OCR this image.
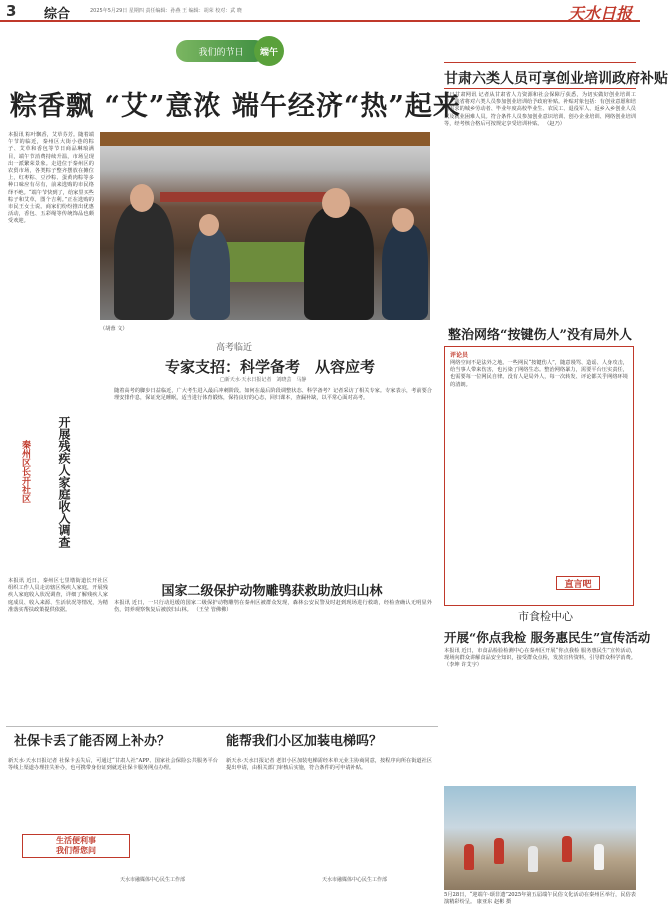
3 综合	2025年5月29日 星期四 责任编辑：孙燕 王 编辑：胡荣 校对：武 晓	天水日报
我们的节日	端午
粽香飘 “艾”意浓 端午经济“热”起来
本报讯 粽叶飘香，艾草芬芳。随着端午节的临近，秦州区大街小巷的粽子、艾草和香包等节日商品琳琅满目，端午节消费持续升温，市场呈现出一派繁荣景象。走进位于秦州区的农贸市场，各类粽子整齐摆放在摊位上，红枣粽、豆沙粽、蛋黄肉粽等多种口味应有尽有，前来选购的市民络绎不绝。“端午节快到了，给家里买些粽子和艾草，图个吉利。”正在选购的市民王女士说。商家们纷纷推出优惠活动，香包、五彩绳等传统饰品也颇受欢迎。
（胡蓉 文）
甘肃六类人员可享创业培训政府补贴
每日甘肃网讯 记者从甘肃省人力资源和社会保障厅获悉，为切实做好创业培训工作，我省将对六类人员参加创业培训给予政府补贴。补贴对象包括：有创业意愿和培训需求的城乡劳动者、毕业年度高校毕业生、农民工、退役军人、返乡入乡创业人员以及就业困难人员。符合条件人员参加创业意识培训、创办企业培训、网络创业培训等，经考核合格后可按规定享受培训补贴。 （赵乃）
整治网络“按键伤人”没有局外人
评论员
网络空间不是法外之地。一些网民“按键伤人”，随意谩骂、造谣、人身攻击，给当事人带来伤害，也污染了网络生态。整治网络暴力，需要平台压实责任，也需要每一位网民自律。没有人是局外人，每一次转发、评论都关乎网络环境的清朗。
直言吧
秦州区长开社区	开展残疾人家庭收入调查
本报讯 近日，秦州区七里墩街道长开社区组织工作人员走访辖区残疾人家庭，开展残疾人家庭收入状况调查，详细了解残疾人家庭成员、收入来源、生活状况等情况，为精准落实帮扶政策提供依据。
高考临近
专家支招：科学备考　从容应考
□新天水·天水日报记者　刘晓芸　马静
随着高考的脚步日益临近，广大考生进入最后冲刺阶段。如何在最后阶段调整状态、科学备考？记者采访了相关专家。专家表示，考前要合理安排作息，保证充足睡眠，适当进行体育锻炼，保持良好的心态，回归课本，查漏补缺，以平常心面对高考。
国家二级保护动物雕鸮获救助放归山林
本报讯 近日，一只行动迟缓的国家二级保护动物雕鸮在秦州区被群众发现，森林公安民警及时赶到现场进行救助，经检查确认无明显外伤，饲养观察恢复后被放归山林。 （王莹 管佛佛）	市食检中心
开展“你点我检 服务惠民生”宣传活动
本报讯 近日，市食品检验检测中心在秦州区开展“你点我检 服务惠民生”宣传活动，现场向群众讲解食品安全知识，接受群众点检，发放宣传资料，引导群众科学消费。 （李坤 许艾宇）
5月28日，“迎端午·颂非遗”2025年第五届端午民俗文化活动在秦州区举行，民俗表演精彩纷呈。 康亚东 赵彬 摄
社保卡丢了能否网上补办？
新天水·天水日报记者 社保卡丢失后，可通过“甘肃人社”APP、国家社会保险公共服务平台等线上渠道办理挂失补办，也可携带身份证到就近社保卡服务网点办理。
生活便利事
我们帮您问
天水市融媒体中心民生工作部
能帮我们小区加装电梯吗？
新天水·天水日报记者 老旧小区加装电梯需经本单元业主协商同意，按程序向所在街道社区提出申请，由相关部门审核后实施，符合条件的可申请补贴。
天水市融媒体中心民生工作部
